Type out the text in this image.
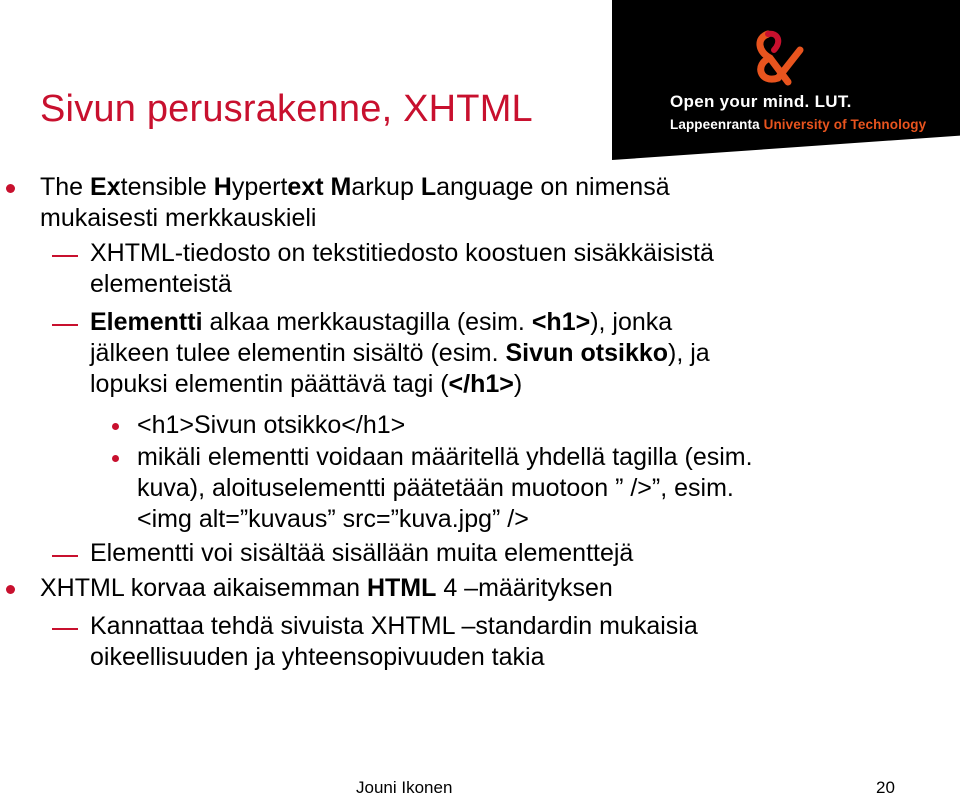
Open your mind. LUT.
Lappeenranta University of Technology
Sivun perusrakenne, XHTML

The Extensible Hypertext Markup Language on nimensä

mukaisesti merkkauskieli

XHTML-tiedosto on tekstitiedosto koostuen sisäkkäisistä

elementeistä

Elementti alkaa merkkaustagilla (esim. <h1>), jonka

jälkeen tulee elementin sisältö (esim. Sivun otsikko), ja

lopuksi elementin päättävä tagi (</h1>)

<h1>Sivun otsikko</h1>

mikäli elementti voidaan määritellä yhdellä tagilla (esim.

kuva), aloituselementti päätetään muotoon ” />”, esim.

<img alt=”kuvaus” src=”kuva.jpg” />

Elementti voi sisältää sisällään muita elementtejä

XHTML korvaa aikaisemman HTML 4 –määrityksen

Kannattaa tehdä sivuista XHTML –standardin mukaisia

oikeellisuuden ja yhteensopivuuden takia

Jouni Ikonen	20
